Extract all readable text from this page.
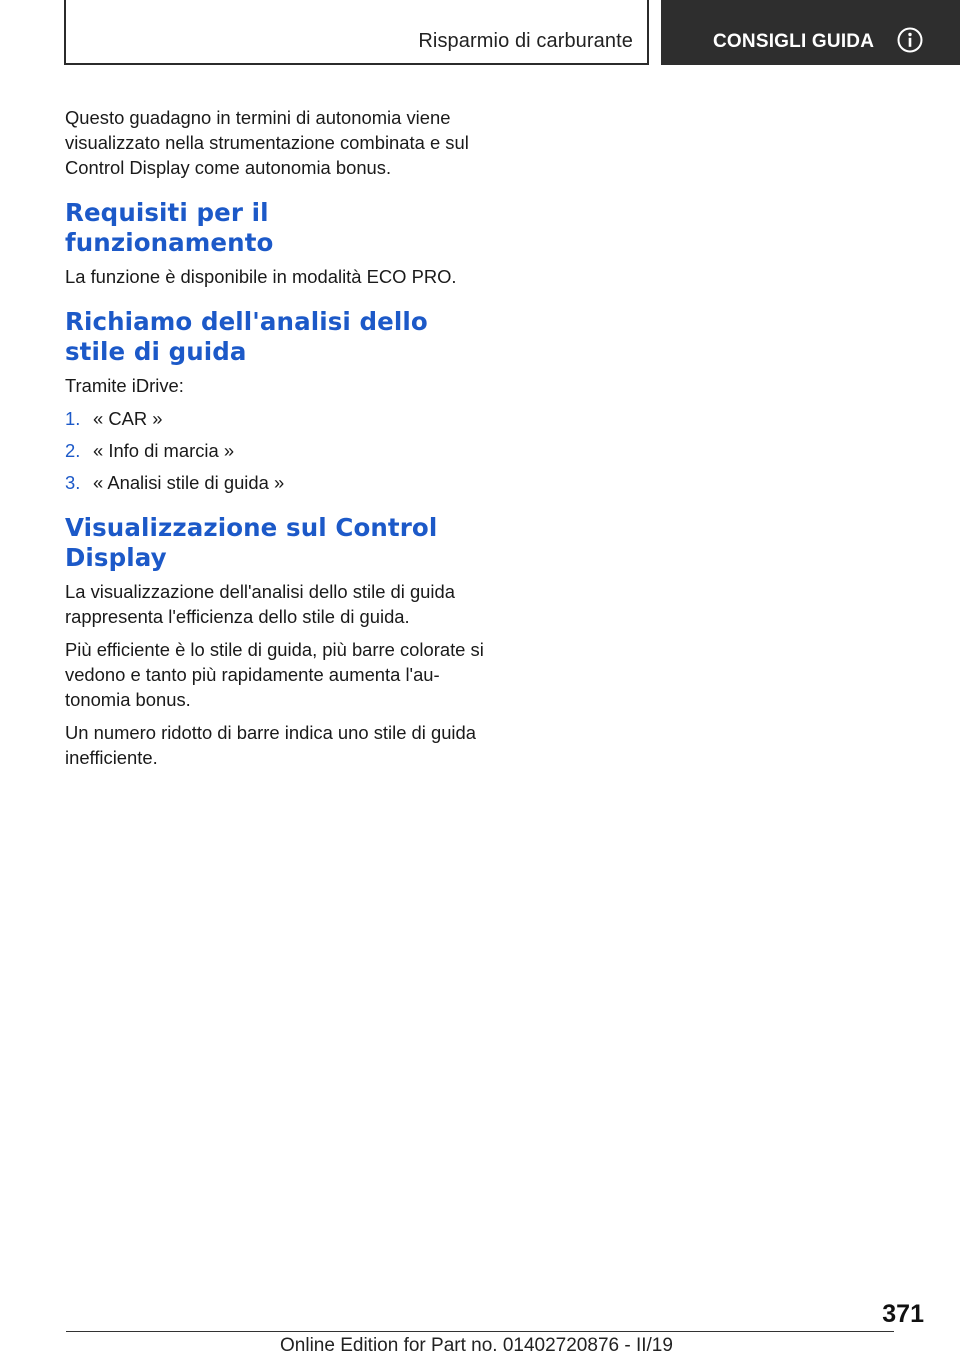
Risparmio di carburante	CONSIGLI GUIDA

Questo guadagno in termini di autonomia viene visualizzato nella strumentazione combinata e sul Control Display come autonomia bonus.

Requisiti per il funzionamento

La funzione è disponibile in modalità ECO PRO.

Richiamo dell'analisi dello stile di guida

Tramite iDrive:

1. « CAR »
2. « Info di marcia »
3. « Analisi stile di guida »
Visualizzazione sul Control Display

La visualizzazione dell'analisi dello stile di guida rappresenta l'efficienza dello stile di guida.

Più efficiente è lo stile di guida, più barre colorate si vedono e tanto più rapidamente aumenta l'autonomia bonus.

Un numero ridotto di barre indica uno stile di guida inefficiente.

371
Online Edition for Part no. 01402720876 - II/19
